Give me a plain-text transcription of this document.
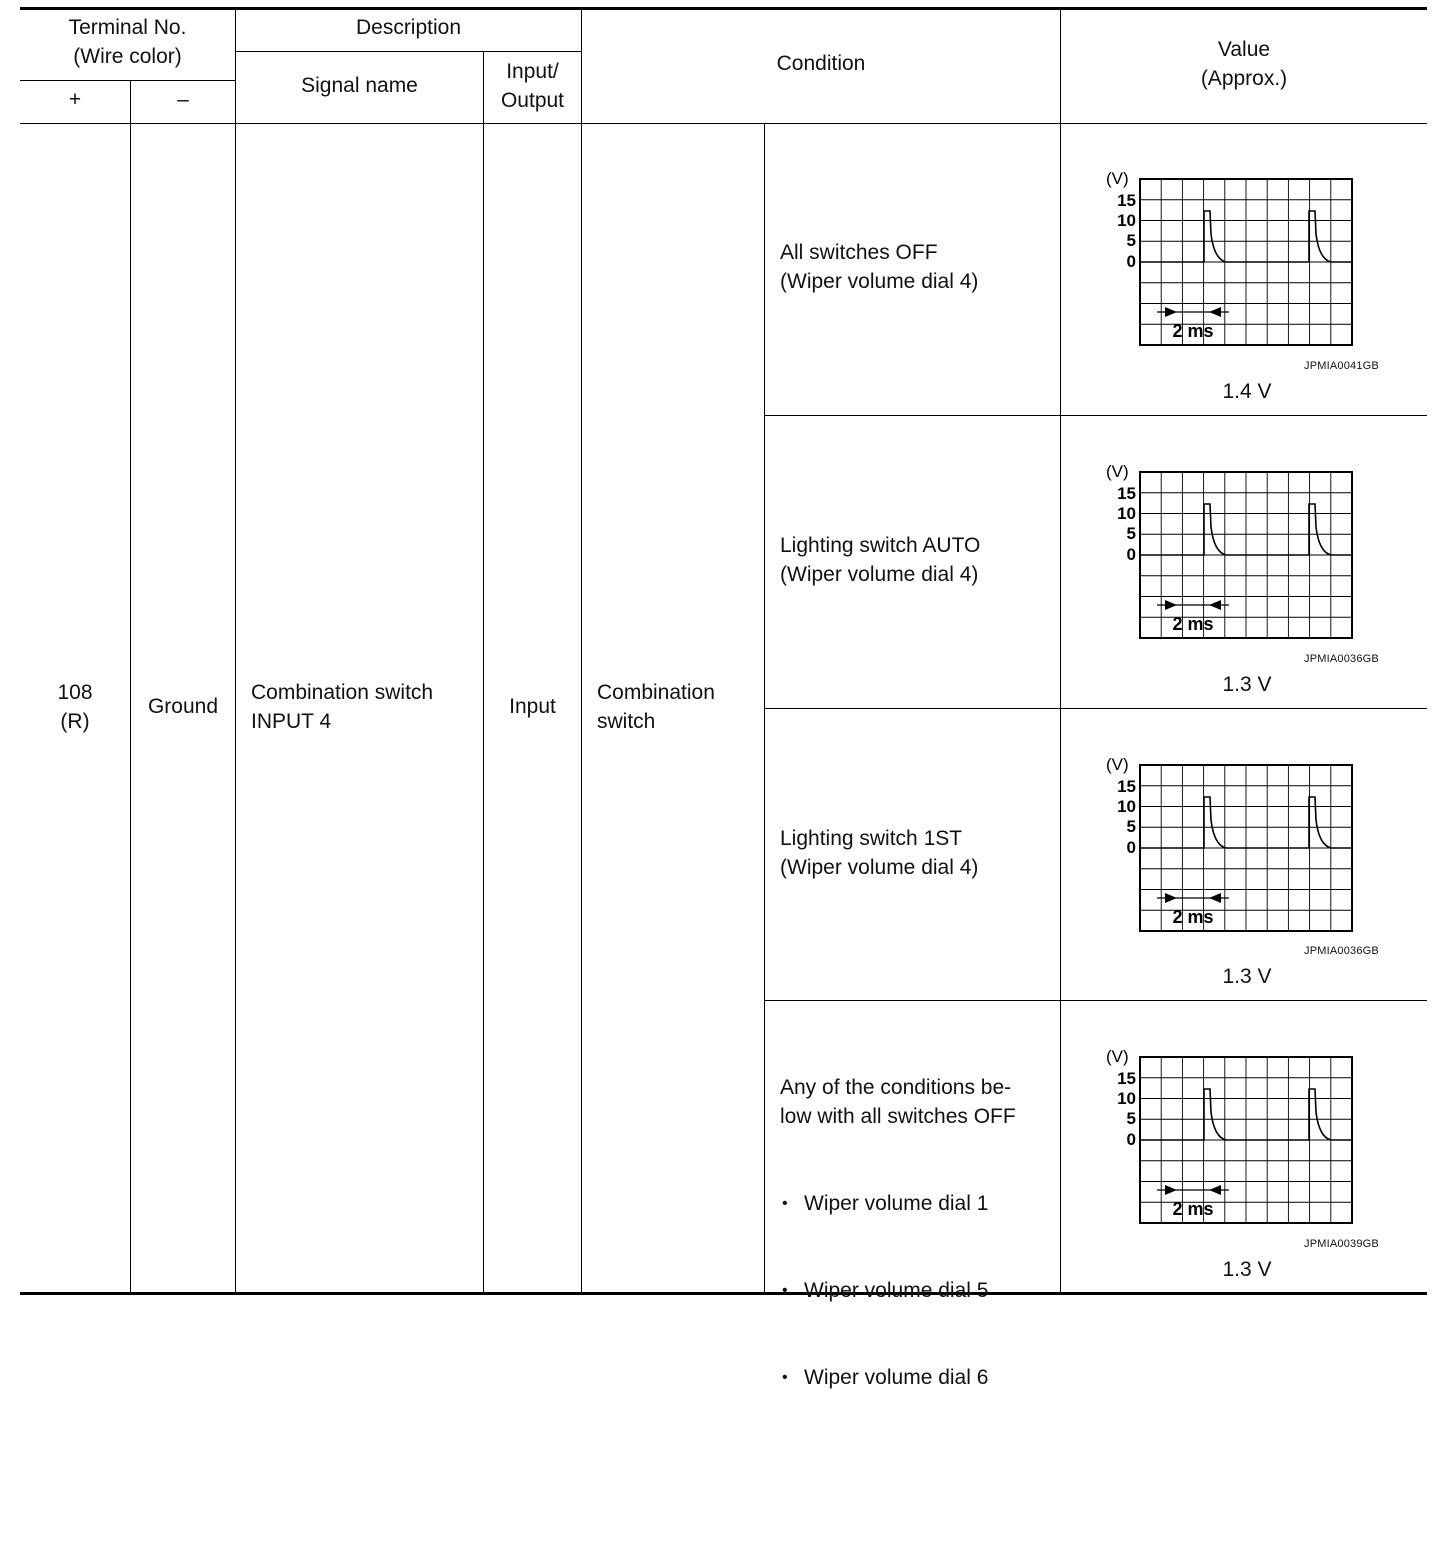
Terminal No.
(Wire color)
+	–
Description
Signal name
Input/
Output
Condition
Value
(Approx.)
108
(R)
Ground
Combination switch
INPUT 4
Input
Combination
switch
All switches OFF
(Wiper volume dial 4)
(V)
15
10
5
0
2 ms
JPMIA0041GB
1.4 V
Lighting switch AUTO
(Wiper volume dial 4)
(V)
15
10
5
0
2 ms
JPMIA0036GB
1.3 V
Lighting switch 1ST
(Wiper volume dial 4)
(V)
15
10
5
0
2 ms
JPMIA0036GB
1.3 V
Any of the conditions be-
low with all switches OFF

• Wiper volume dial 1

• Wiper volume dial 5

• Wiper volume dial 6

(V)
15
10
5
0
2 ms
JPMIA0039GB
1.3 V
